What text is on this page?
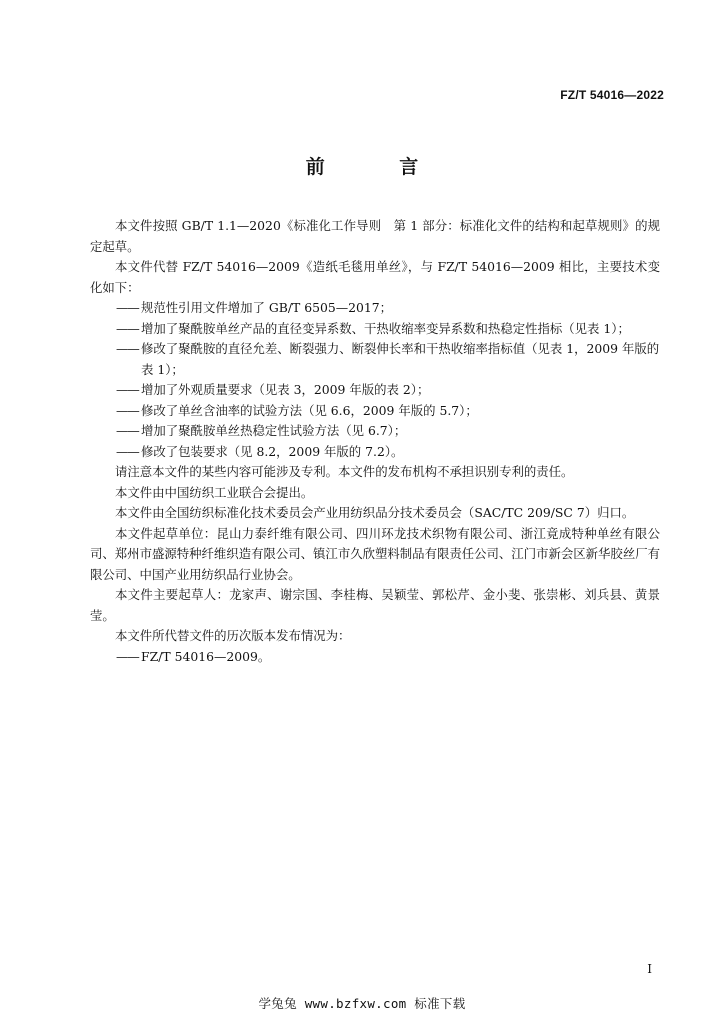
FZ/T 54016—2022
前 言

本文件按照 GB/T 1.1—2020《标准化工作导则　第 1 部分：标准化文件的结构和起草规则》的规定起草。

本文件代替 FZ/T 54016—2009《造纸毛毯用单丝》，与 FZ/T 54016—2009 相比，主要技术变化如下：

—— 规范性引用文件增加了 GB/T 6505—2017；

—— 增加了聚酰胺单丝产品的直径变异系数、干热收缩率变异系数和热稳定性指标（见表 1）；

—— 修改了聚酰胺的直径允差、断裂强力、断裂伸长率和干热收缩率指标值（见表 1，2009 年版的表 1）；

—— 增加了外观质量要求（见表 3，2009 年版的表 2）；

—— 修改了单丝含油率的试验方法（见 6.6，2009 年版的 5.7）；

—— 增加了聚酰胺单丝热稳定性试验方法（见 6.7）；

—— 修改了包装要求（见 8.2，2009 年版的 7.2）。

请注意本文件的某些内容可能涉及专利。本文件的发布机构不承担识别专利的责任。

本文件由中国纺织工业联合会提出。

本文件由全国纺织标准化技术委员会产业用纺织品分技术委员会（SAC/TC 209/SC 7）归口。

本文件起草单位：昆山力泰纤维有限公司、四川环龙技术织物有限公司、浙江竟成特种单丝有限公司、郑州市盛源特种纤维织造有限公司、镇江市久欣塑料制品有限责任公司、江门市新会区新华胶丝厂有限公司、中国产业用纺织品行业协会。

本文件主要起草人：龙家声、谢宗国、李桂梅、吴颖莹、郭松芹、金小斐、张崇彬、刘兵县、黄景莹。

本文件所代替文件的历次版本发布情况为：

—— FZ/T 54016—2009。

I
学兔兔 www.bzfxw.com 标准下载
